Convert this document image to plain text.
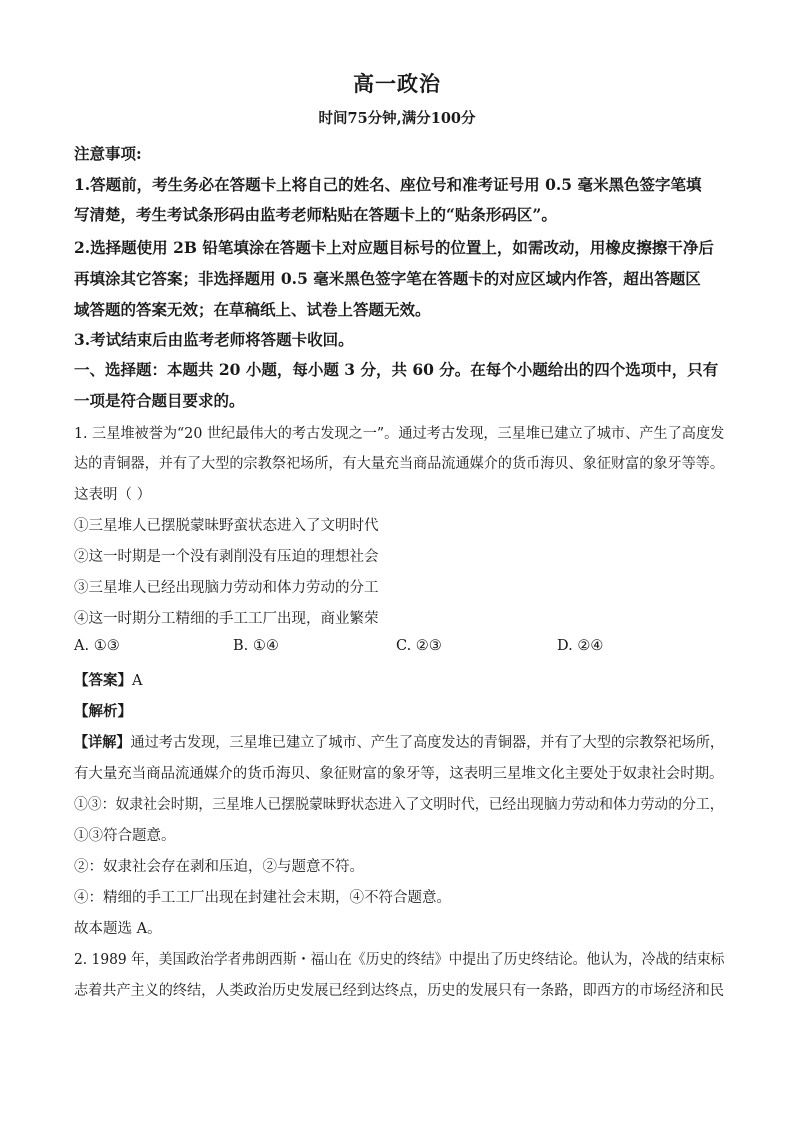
高一政治
时间75分钟,满分100分
注意事项:
1.答题前，考生务必在答题卡上将自己的姓名、座位号和准考证号用 0.5 毫米黑色签字笔填
写清楚，考生考试条形码由监考老师粘贴在答题卡上的“贴条形码区”。
2.选择题使用 2B 铅笔填涂在答题卡上对应题目标号的位置上，如需改动，用橡皮擦擦干净后
再填涂其它答案；非选择题用 0.5 毫米黑色签字笔在答题卡的对应区域内作答，超出答题区
域答题的答案无效；在草稿纸上、试卷上答题无效。
3.考试结束后由监考老师将答题卡收回。
一、选择题：本题共 20 小题，每小题 3 分，共 60 分。在每个小题给出的四个选项中，只有
一项是符合题目要求的。
1. 三星堆被誉为“20 世纪最伟大的考古发现之一”。通过考古发现，三星堆已建立了城市、产生了高度发
达的青铜器，并有了大型的宗教祭祀场所，有大量充当商品流通媒介的货币海贝、象征财富的象牙等等。
这表明（ ）
①三星堆人已摆脱蒙昧野蛮状态进入了文明时代
②这一时期是一个没有剥削没有压迫的理想社会
③三星堆人已经出现脑力劳动和体力劳动的分工
④这一时期分工精细的手工工厂出现，商业繁荣
A. ①③	B. ①④	C. ②③	D. ②④
【答案】A
【解析】
【详解】通过考古发现，三星堆已建立了城市、产生了高度发达的青铜器，并有了大型的宗教祭祀场所，
有大量充当商品流通媒介的货币海贝、象征财富的象牙等，这表明三星堆文化主要处于奴隶社会时期。
①③：奴隶社会时期，三星堆人已摆脱蒙昧野状态进入了文明时代，已经出现脑力劳动和体力劳动的分工，
①③符合题意。
②：奴隶社会存在剥和压迫，②与题意不符。
④：精细的手工工厂出现在封建社会末期，④不符合题意。
故本题选 A。
2. 1989 年，美国政治学者弗朗西斯・福山在《历史的终结》中提出了历史终结论。他认为，冷战的结束标
志着共产主义的终结，人类政治历史发展已经到达终点，历史的发展只有一条路，即西方的市场经济和民
